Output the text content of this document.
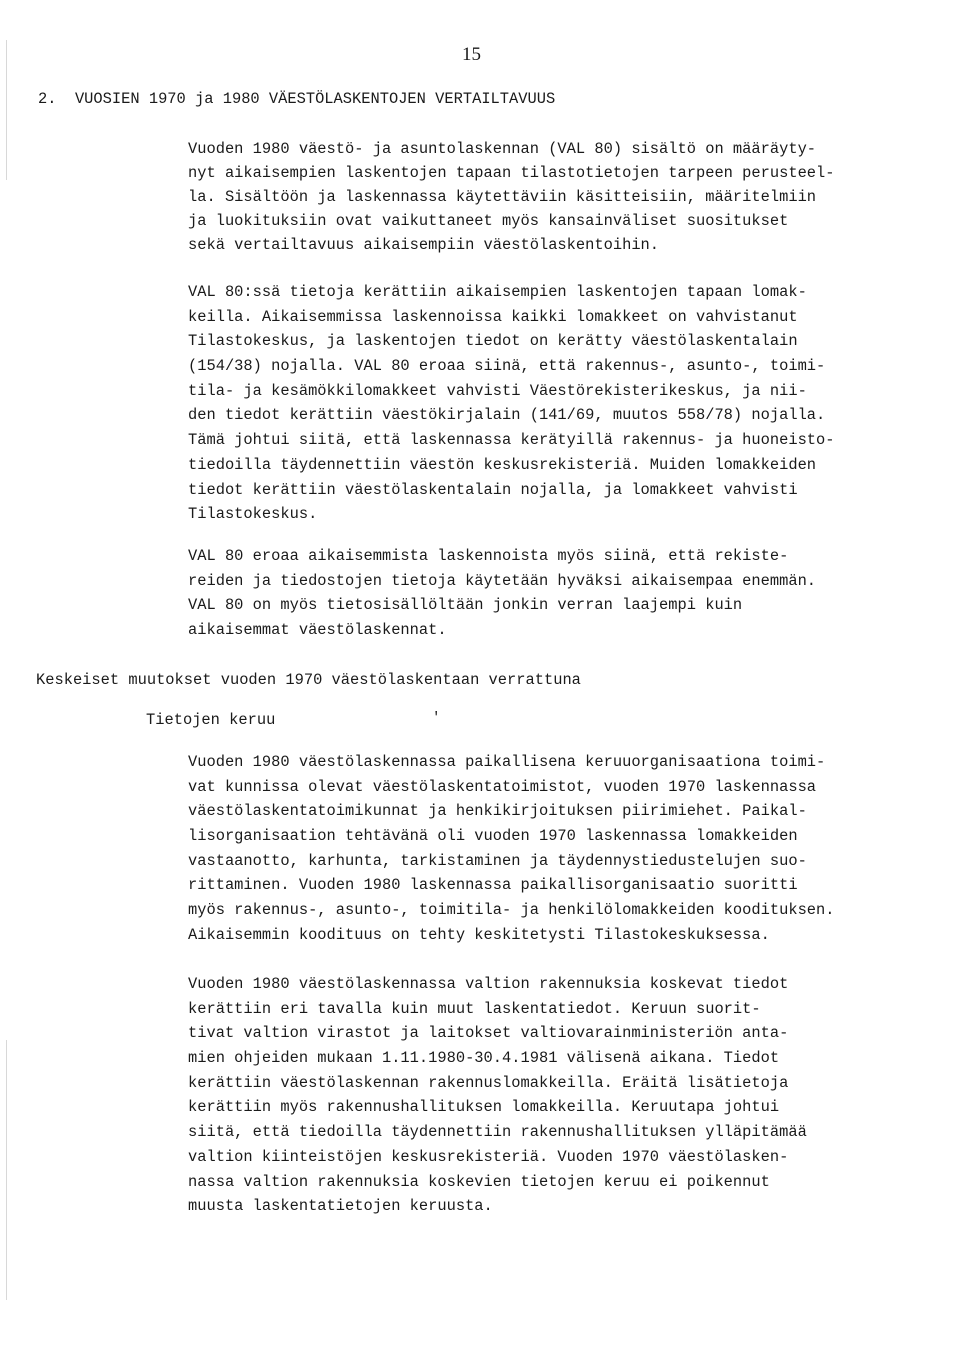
15
2.  VUOSIEN 1970 ja 1980 VÄESTÖLASKENTOJEN VERTAILTAVUUS
Vuoden 1980 väestö- ja asuntolaskennan (VAL 80) sisältö on määräyty-
nyt aikaisempien laskentojen tapaan tilastotietojen tarpeen perusteel-
la. Sisältöön ja laskennassa käytettäviin käsitteisiin, määritelmiin
ja luokituksiin ovat vaikuttaneet myös kansainväliset suositukset
sekä vertailtavuus aikaisempiin väestölaskentoihin.
VAL 80:ssä tietoja kerättiin aikaisempien laskentojen tapaan lomak-
keilla. Aikaisemmissa laskennoissa kaikki lomakkeet on vahvistanut
Tilastokeskus, ja laskentojen tiedot on kerätty väestölaskentalain
(154/38) nojalla. VAL 80 eroaa siinä, että rakennus-, asunto-, toimi-
tila- ja kesämökkilomakkeet vahvisti Väestörekisterikeskus, ja nii-
den tiedot kerättiin väestökirjalain (141/69, muutos 558/78) nojalla.
Tämä johtui siitä, että laskennassa kerätyillä rakennus- ja huoneisto-
tiedoilla täydennettiin väestön keskusrekisteriä. Muiden lomakkeiden
tiedot kerättiin väestölaskentalain nojalla, ja lomakkeet vahvisti
Tilastokeskus.
VAL 80 eroaa aikaisemmista laskennoista myös siinä, että rekiste-
reiden ja tiedostojen tietoja käytetään hyväksi aikaisempaa enemmän.
VAL 80 on myös tietosisällöltään jonkin verran laajempi kuin
aikaisemmat väestölaskennat.
Keskeiset muutokset vuoden 1970 väestölaskentaan verrattuna
Tietojen keruu	'
Vuoden 1980 väestölaskennassa paikallisena keruuorganisaationa toimi-
vat kunnissa olevat väestölaskentatoimistot, vuoden 1970 laskennassa
väestölaskentatoimikunnat ja henkikirjoituksen piirimiehet. Paikal-
lisorganisaation tehtävänä oli vuoden 1970 laskennassa lomakkeiden
vastaanotto, karhunta, tarkistaminen ja täydennystiedustelujen suo-
rittaminen. Vuoden 1980 laskennassa paikallisorganisaatio suoritti
myös rakennus-, asunto-, toimitila- ja henkilölomakkeiden koodituksen.
Aikaisemmin koodituus on tehty keskitetysti Tilastokeskuksessa.
Vuoden 1980 väestölaskennassa valtion rakennuksia koskevat tiedot
kerättiin eri tavalla kuin muut laskentatiedot. Keruun suorit-
tivat valtion virastot ja laitokset valtiovarainministeriön anta-
mien ohjeiden mukaan 1.11.1980-30.4.1981 välisenä aikana. Tiedot
kerättiin väestölaskennan rakennuslomakkeilla. Eräitä lisätietoja
kerättiin myös rakennushallituksen lomakkeilla. Keruutapa johtui
siitä, että tiedoilla täydennettiin rakennushallituksen ylläpitämää
valtion kiinteistöjen keskusrekisteriä. Vuoden 1970 väestölasken-
nassa valtion rakennuksia koskevien tietojen keruu ei poikennut
muusta laskentatietojen keruusta.
